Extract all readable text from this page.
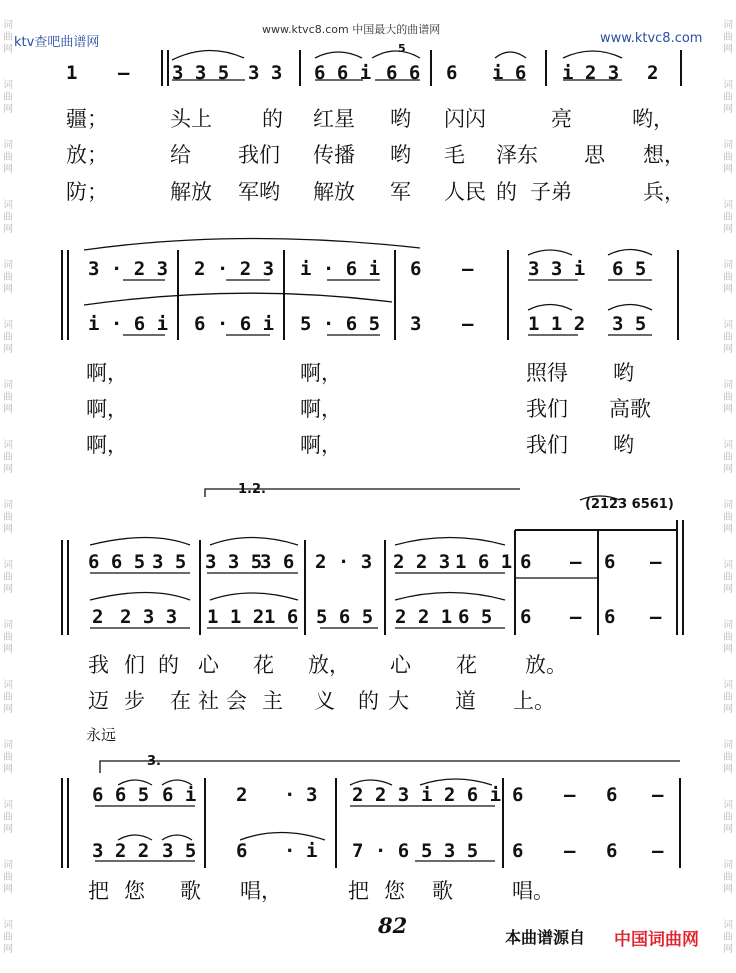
ktv查吧曲谱网
www.ktvc8.com 中国最大的曲谱网
www.ktvc8.com
词
曲
网
词
曲
网
词
曲
网
词
曲
网
词
曲
网
词
曲
网
词
曲
网
词
曲
网
词
曲
网
词
曲
网
词
曲
网
词
曲
网
词
曲
网
词
曲
网
词
曲
网
词
曲
网
词
曲
网
词
曲
网
词
曲
网
词
曲
网
词
曲
网
词
曲
网
词
曲
网
词
曲
网
词
曲
网
词
曲
网
词
曲
网
词
曲
网
词
曲
网
词
曲
网
词
曲
网
词
曲
网
1 – 3 3 5 3 3 6 6 i 6 6
5
6 i 6 i 2 3 2
疆；	头上 的 红星 哟 闪闪	亮	哟，
放；	给 我们 传播 哟 毛 泽东 思 想，
防；	解放 军哟 解放 军 人民 的 子弟	兵，
3 · 2 3 2 · 2 3 i · 6 i 6 –	3 3 i 6 5
i · 6 i 6 · 6 i 5 · 6 5 3 –	1 1 2 3 5
啊，	啊，	照得 哟
啊，	啊，	我们 高歌
啊，	啊，	我们 哟
1.2.
(2123 6561)
6 6 5 3 5 3 3 5
3 6 2 · 3 2 2 3 1 6 1 6 – 6 –
2 2 3 3 1 1 2 1 6 5 6 5 2 2 1 6 5 6 – 6 –
我 们 的 心 花 放， 心 花 放。
迈 步 在 社 会 主 义 的 大 道 上。
永远
3.
6 6 5 6 i 2 · 3 2 2 3 i 2 6 i 6 – 6 –
3 2 2 3 5 6 · i 7 · 6 5 3 5 6 – 6 –
把 您 歌 唱，	把 您 歌	唱。
82	本曲谱源自 中国词曲网
